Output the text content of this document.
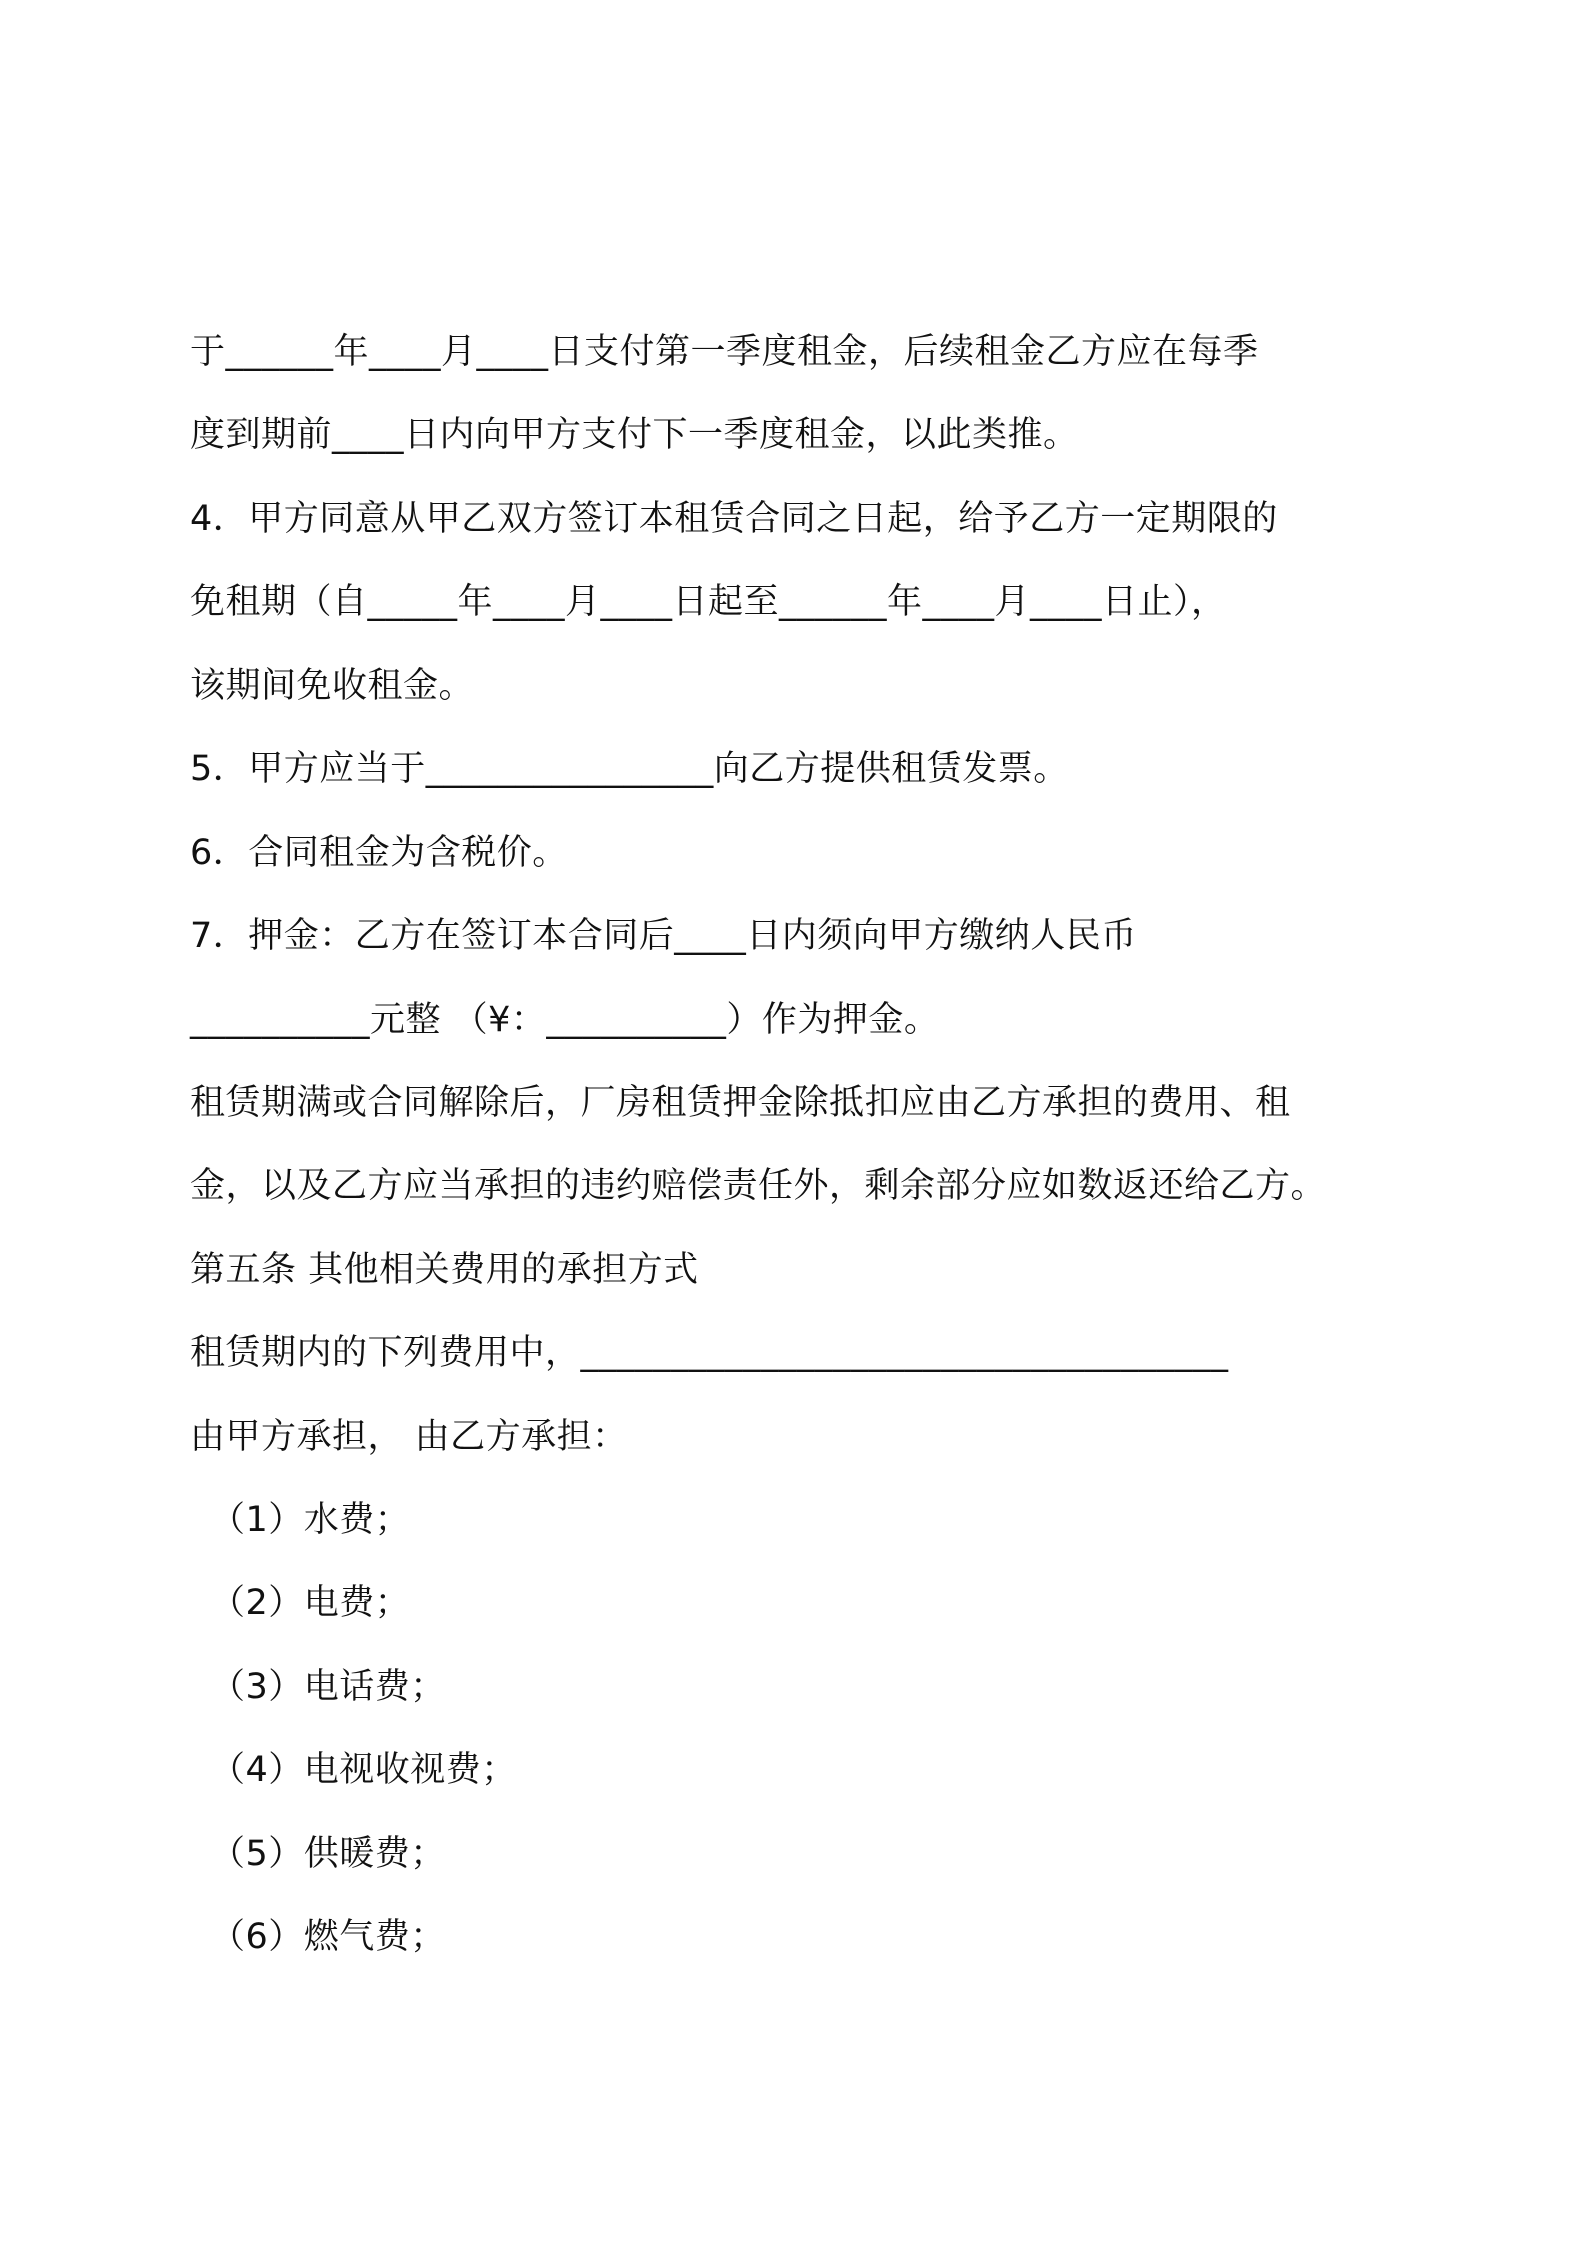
于______年____月____日支付第一季度租金，后续租金乙方应在每季
度到期前____日内向甲方支付下一季度租金，以此类推。
4．甲方同意从甲乙双方签订本租赁合同之日起，给予乙方一定期限的
免租期（自_____年____月____日起至______年____月____日止），
该期间免收租金。
5．甲方应当于________________向乙方提供租赁发票。
6．合同租金为含税价。
7．押金：乙方在签订本合同后____日内须向甲方缴纳人民币
__________元整 （¥：__________）作为押金。
租赁期满或合同解除后，厂房租赁押金除抵扣应由乙方承担的费用、租
金，以及乙方应当承担的违约赔偿责任外，剩余部分应如数返还给乙方。
第五条 其他相关费用的承担方式
租赁期内的下列费用中，____________________________________
由甲方承担， 由乙方承担：
（1）水费；
（2）电费；
（3）电话费；
（4）电视收视费；
（5）供暖费；
（6）燃气费；
